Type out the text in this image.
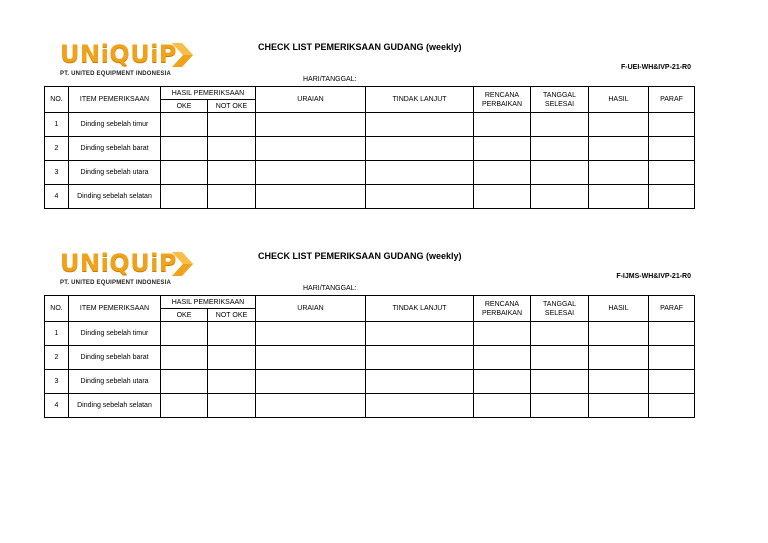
UNiQUiP
PT. UNITED EQUIPMENT INDONESIA
CHECK LIST PEMERIKSAAN GUDANG (weekly)
F-UEI-WH&IVP-21-R0
HARI/TANGGAL:
NO.	ITEM PEMERIKSAAN	HASIL PEMERIKSAAN		URAIAN	TINDAK LANJUT	RENCANA PERBAIKAN	TANGGAL SELESAI	HASIL	PARAF
		OKE	NOT OKE						
1	Dinding sebelah timur								
2	Dinding sebelah barat								
3	Dinding sebelah utara								
4	Dinding sebelah selatan								
UNiQUiP
PT. UNITED EQUIPMENT INDONESIA
CHECK LIST PEMERIKSAAN GUDANG (weekly)
F-IJMS-WH&IVP-21-R0
HARI/TANGGAL:
NO.	ITEM PEMERIKSAAN	HASIL PEMERIKSAAN		URAIAN	TINDAK LANJUT	RENCANA PERBAIKAN	TANGGAL SELESAI	HASIL	PARAF
		OKE	NOT OKE						
1	Dinding sebelah timur								
2	Dinding sebelah barat								
3	Dinding sebelah utara								
4	Dinding sebelah selatan								
